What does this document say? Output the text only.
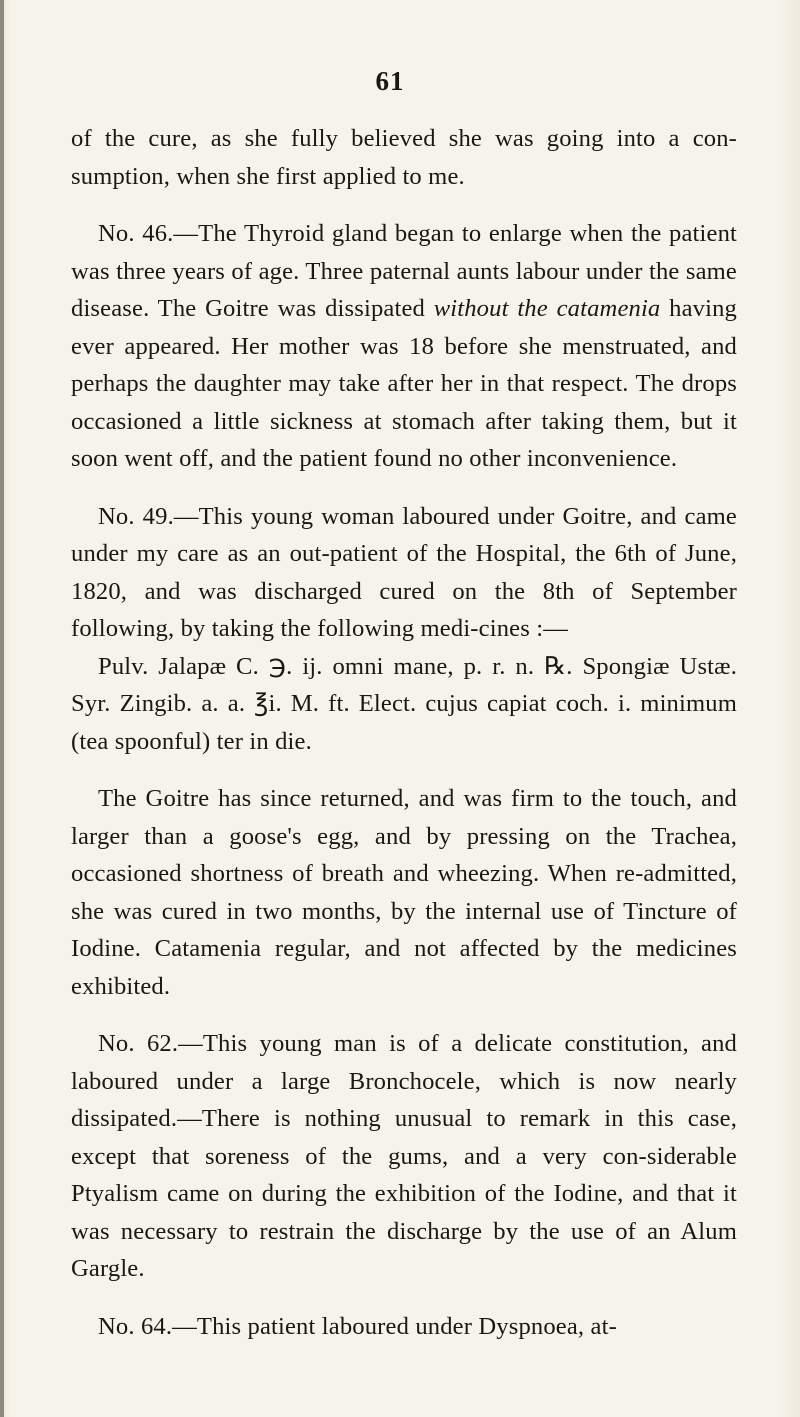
61

of the cure, as she fully believed she was going into a con-sumption, when she first applied to me.

No. 46.—The Thyroid gland began to enlarge when the patient was three years of age. Three paternal aunts labour under the same disease. The Goitre was dissipated without the catamenia having ever appeared. Her mother was 18 before she menstruated, and perhaps the daughter may take after her in that respect. The drops occasioned a little sickness at stomach after taking them, but it soon went off, and the patient found no other inconvenience.

No. 49.—This young woman laboured under Goitre, and came under my care as an out-patient of the Hospital, the 6th of June, 1820, and was discharged cured on the 8th of September following, by taking the following medi-cines :—

Pulv. Jalapæ C. ℈. ij. omni mane, p. r. n. ℞. Spongiæ Ustæ. Syr. Zingib. a. a. ℥i. M. ft. Elect. cujus capiat coch. i. minimum (tea spoonful) ter in die.

The Goitre has since returned, and was firm to the touch, and larger than a goose's egg, and by pressing on the Trachea, occasioned shortness of breath and wheezing. When re-admitted, she was cured in two months, by the internal use of Tincture of Iodine. Catamenia regular, and not affected by the medicines exhibited.

No. 62.—This young man is of a delicate constitution, and laboured under a large Bronchocele, which is now nearly dissipated.—There is nothing unusual to remark in this case, except that soreness of the gums, and a very con-siderable Ptyalism came on during the exhibition of the Iodine, and that it was necessary to restrain the discharge by the use of an Alum Gargle.

No. 64.—This patient laboured under Dyspnoea, at-
